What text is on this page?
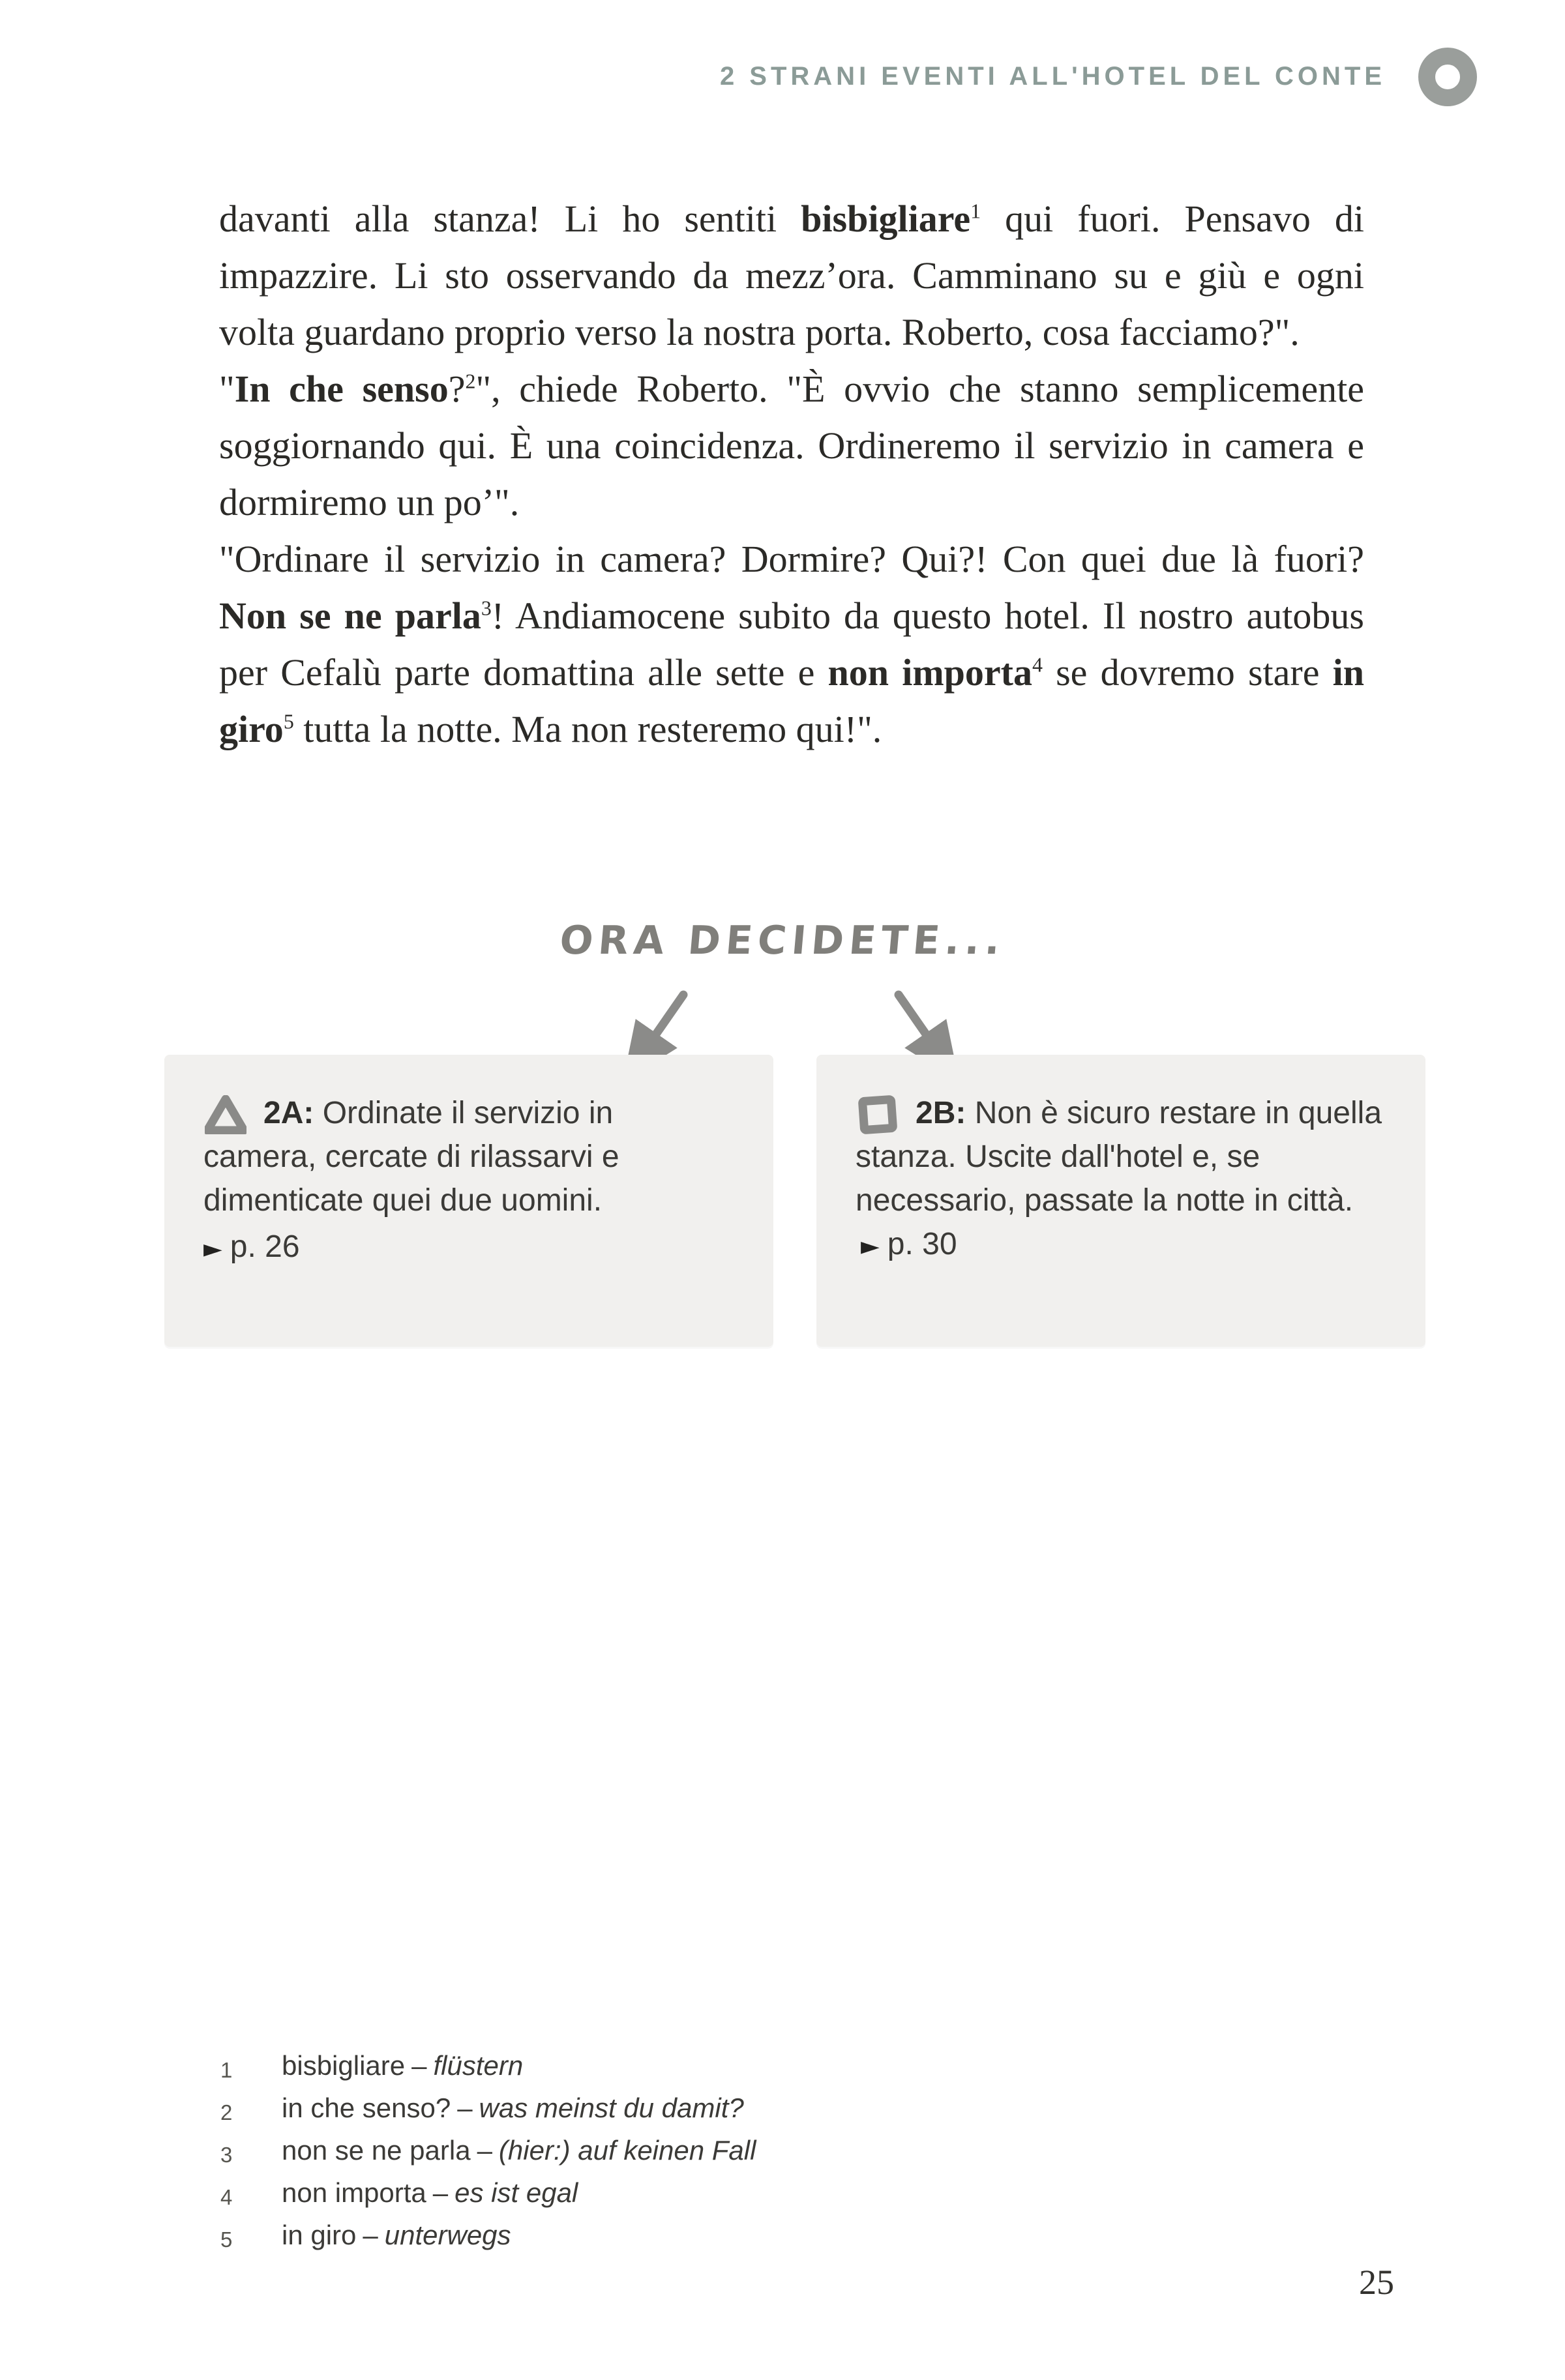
2 STRANI EVENTI ALL'HOTEL DEL CONTE

davanti alla stanza! Li ho sentiti bisbigliare$^1$ qui fuori. Pensavo di impazzire. Li sto osservando da mezz’ora. Camminano su e giù e ogni volta guardano proprio verso la nostra porta. Roberto, cosa facciamo?".

"In che senso?$^2$", chiede Roberto. "È ovvio che stanno semplicemente soggiornando qui. È una coincidenza. Ordineremo il servizio in camera e dormiremo un po’".

"Ordinare il servizio in camera? Dormire? Qui?! Con quei due là fuori? Non se ne parla$^3$! Andiamocene subito da questo hotel. Il nostro autobus per Cefalù parte domattina alle sette e non importa$^4$ se dovremo stare in giro$^5$ tutta la notte. Ma non resteremo qui!".

ORA DECIDETE...

2A: Ordinate il servizio in camera, cercate di rilassarvi e dimenticate quei due uomini.

► p. 26

2B: Non è sicuro restare in quella stanza. Uscite dall'hotel e, se necessario, passate la notte in città. ► p. 30

1	bisbigliare – flüstern
2	in che senso? – was meinst du damit?
3	non se ne parla – (hier:) auf keinen Fall
4	non importa – es ist egal
5	in giro – unterwegs
25
